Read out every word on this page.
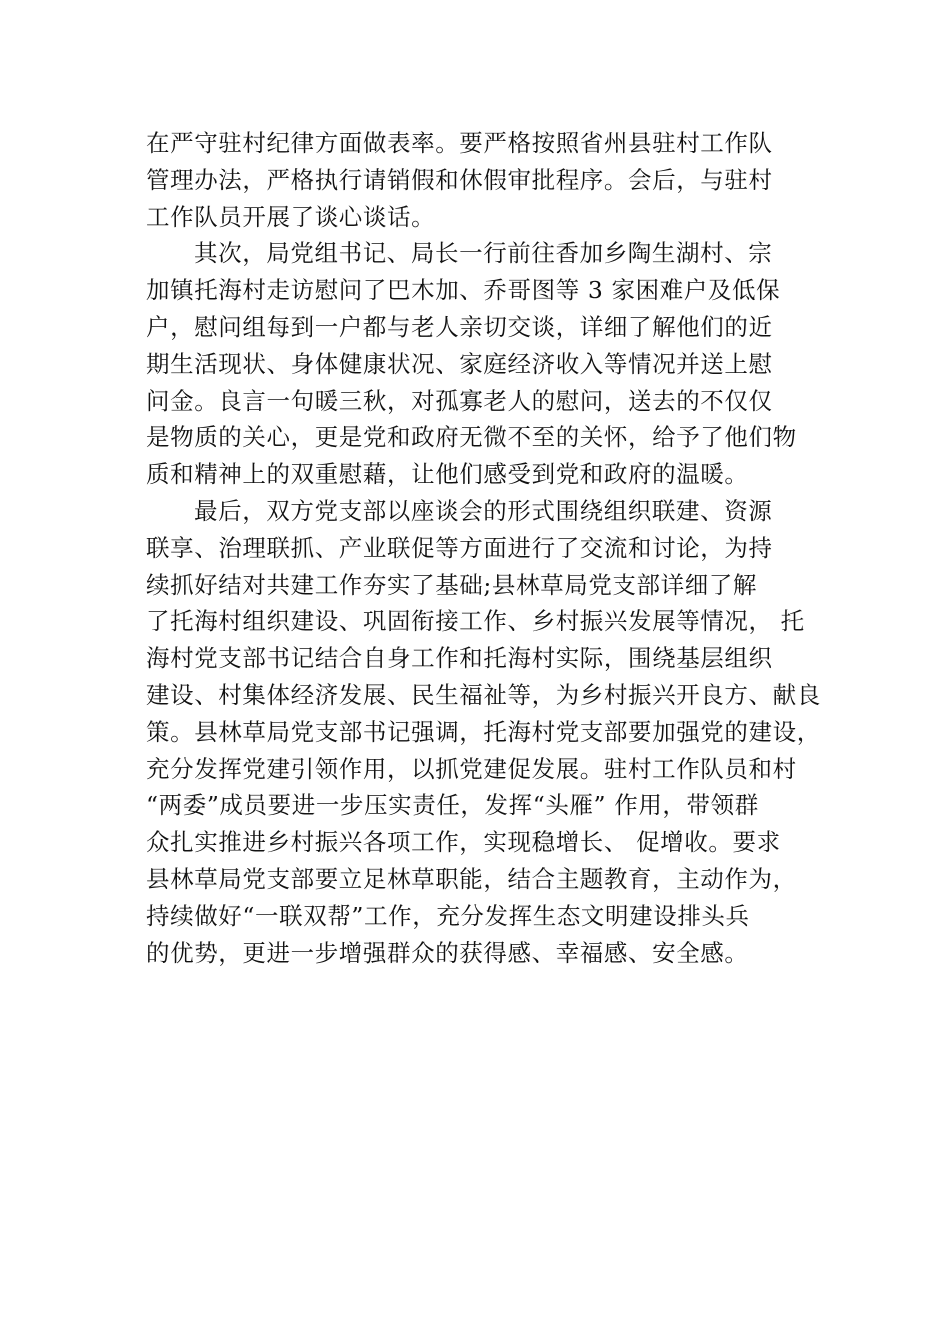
在严守驻村纪律方面做表率。要严格按照省州县驻村工作队
管理办法，严格执行请销假和休假审批程序。会后，与驻村
工作队员开展了谈心谈话。
其次，局党组书记、局长一行前往香加乡陶生湖村、宗
加镇托海村走访慰问了巴木加、乔哥图等 3 家困难户及低保
户，慰问组每到一户都与老人亲切交谈，详细了解他们的近
期生活现状、身体健康状况、家庭经济收入等情况并送上慰
问金。良言一句暖三秋，对孤寡老人的慰问，送去的不仅仅
是物质的关心，更是党和政府无微不至的关怀，给予了他们物
质和精神上的双重慰藉，让他们感受到党和政府的温暖。
最后，双方党支部以座谈会的形式围绕组织联建、资源
联享、治理联抓、产业联促等方面进行了交流和讨论，为持
续抓好结对共建工作夯实了基础;县林草局党支部详细了解
了托海村组织建设、巩固衔接工作、乡村振兴发展等情况， 托
海村党支部书记结合自身工作和托海村实际，围绕基层组织
建设、村集体经济发展、民生福祉等，为乡村振兴开良方、献良
策。县林草局党支部书记强调，托海村党支部要加强党的建设，
充分发挥党建引领作用，以抓党建促发展。驻村工作队员和村
“两委”成员要进一步压实责任，发挥“头雁” 作用，带领群
众扎实推进乡村振兴各项工作，实现稳增长、 促增收。要求
县林草局党支部要立足林草职能，结合主题教育，主动作为，
持续做好“一联双帮”工作，充分发挥生态文明建设排头兵
的优势，更进一步增强群众的获得感、幸福感、安全感。
